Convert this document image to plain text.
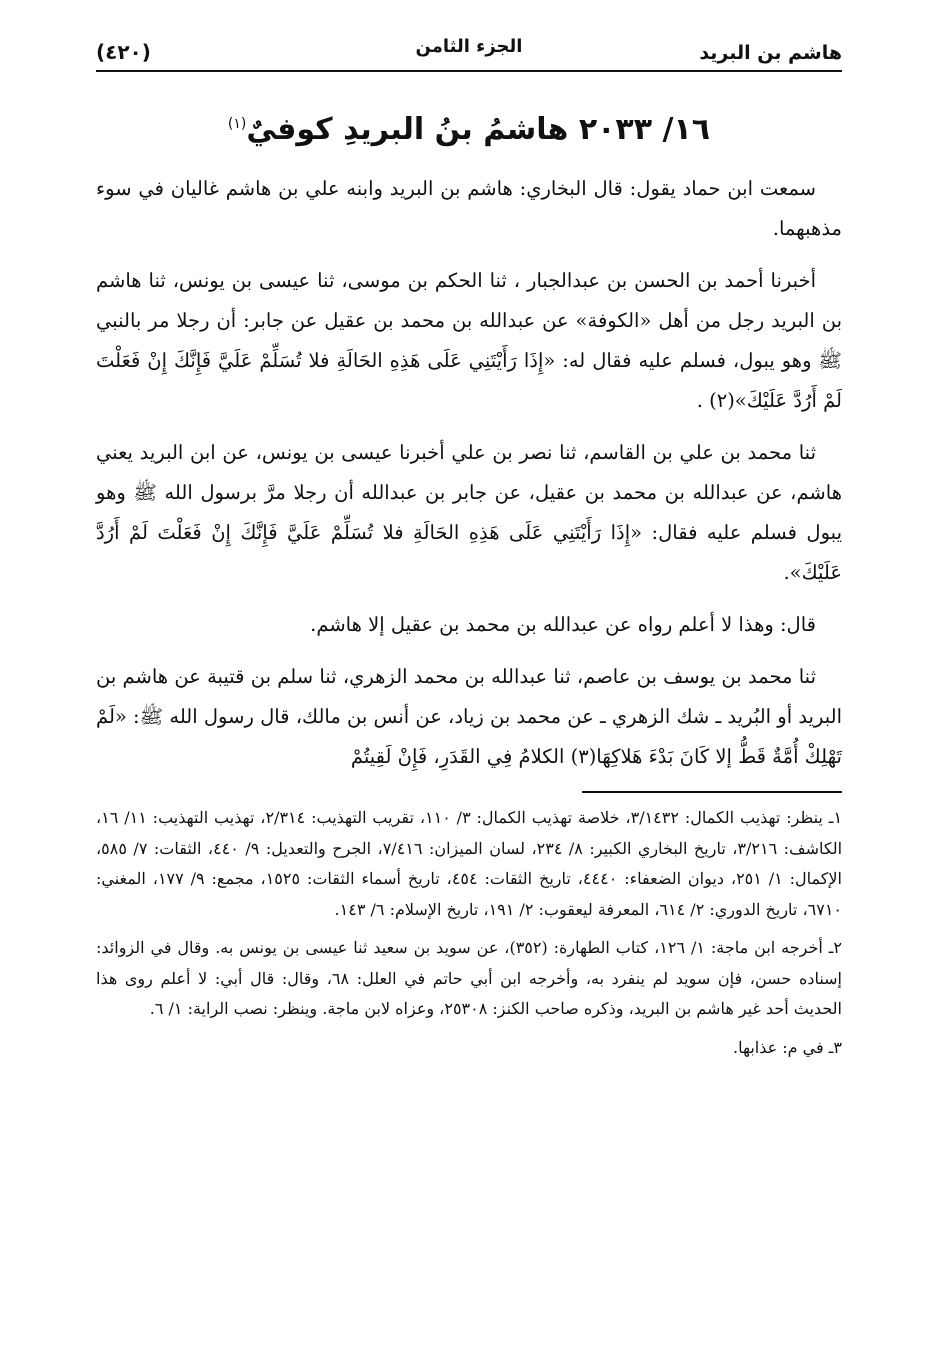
هاشم بن البريد
الجزء الثامن
(٤٢٠)
١٦/ ٢٠٣٣ هاشمُ بنُ البريدِ كوفيٌ$^{(١)}$

سمعت ابن حماد يقول: قال البخاري: هاشم بن البريد وابنه علي بن هاشم غاليان في سوء مذهبهما.

أخبرنا أحمد بن الحسن بن عبدالجبار ، ثنا الحكم بن موسى، ثنا عيسى بن يونس، ثنا هاشم بن البريد رجل من أهل «الكوفة» عن عبدالله بن محمد بن عقيل عن جابر: أن رجلا مر بالنبي ﷺ وهو يبول، فسلم عليه فقال له: «إِذَا رَأَيْتَنِي عَلَى هَذِهِ الحَالَةِ فلا تُسَلِّمْ عَلَيَّ فَإِنَّكَ إِنْ فَعَلْتَ لَمْ أَرُدَّ عَلَيْكَ»(٢) .

ثنا محمد بن علي بن القاسم، ثنا نصر بن علي أخبرنا عيسى بن يونس، عن ابن البريد يعني هاشم، عن عبدالله بن محمد بن عقيل، عن جابر بن عبدالله أن رجلا مرَّ برسول الله ﷺ وهو يبول فسلم عليه فقال: «إِذَا رَأَيْتَنِي عَلَى هَذِهِ الحَالَةِ فلا تُسَلِّمْ عَلَيَّ فَإِنَّكَ إِنْ فَعَلْتَ لَمْ أَرُدَّ عَلَيْكَ».

قال: وهذا لا أعلم رواه عن عبدالله بن محمد بن عقيل إلا هاشم.

ثنا محمد بن يوسف بن عاصم، ثنا عبدالله بن محمد الزهري، ثنا سلم بن قتيبة عن هاشم بن البريد أو البُريد ـ شك الزهري ـ عن محمد بن زياد، عن أنس بن مالك، قال رسول الله ﷺ: «لَمْ تَهْلِكْ أُمَّةٌ قَطُّ إلا كَانَ بَدْءَ هَلاكِهَا(٣) الكلامُ فِي القَدَرِ، فَإِنْ لَقِيتُمْ

١ـ ينظر: تهذيب الكمال: ٣/١٤٣٢، خلاصة تهذيب الكمال: ٣/ ١١٠، تقريب التهذيب: ٢/٣١٤، تهذيب التهذيب: ١١/ ١٦، الكاشف: ٣/٢١٦، تاريخ البخاري الكبير: ٨/ ٢٣٤، لسان الميزان: ٧/٤١٦، الجرح والتعديل: ٩/ ٤٤٠، الثقات: ٧/ ٥٨٥، الإكمال: ١/ ٢٥١، ديوان الضعفاء: ٤٤٤٠، تاريخ الثقات: ٤٥٤، تاريخ أسماء الثقات: ١٥٢٥، مجمع: ٩/ ١٧٧، المغني: ٦٧١٠، تاريخ الدوري: ٢/ ٦١٤، المعرفة ليعقوب: ٢/ ١٩١، تاريخ الإسلام: ٦/ ١٤٣.

٢ـ أخرجه ابن ماجة: ١/ ١٢٦، كتاب الطهارة: (٣٥٢)، عن سويد بن سعيد ثنا عيسى بن يونس به. وقال في الزوائد: إسناده حسن، فإن سويد لم ينفرد به، وأخرجه ابن أبي حاتم في العلل: ٦٨، وقال: قال أبي: لا أعلم روى هذا الحديث أحد غير هاشم بن البريد، وذكره صاحب الكنز: ٢٥٣٠٨، وعزاه لابن ماجة. وينظر: نصب الراية: ١/ ٦.

٣ـ في م: عذابها.
